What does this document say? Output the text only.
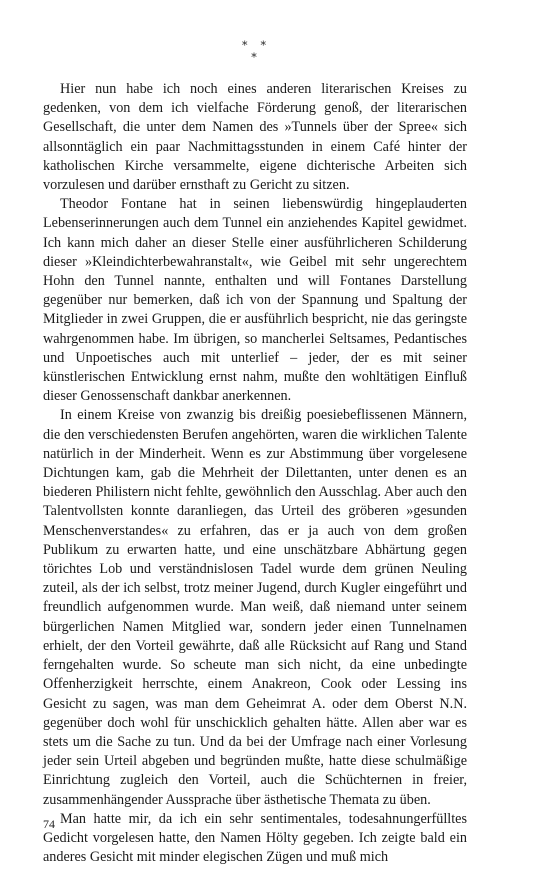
*  *
*

Hier nun habe ich noch eines anderen literarischen Kreises zu gedenken, von dem ich vielfache Förderung genoß, der literarischen Gesellschaft, die unter dem Namen des »Tunnels über der Spree« sich allsonntäglich ein paar Nachmittagsstunden in einem Café hinter der katholischen Kirche versammelte, eigene dichterische Arbeiten sich vorzulesen und darüber ernsthaft zu Gericht zu sitzen.

Theodor Fontane hat in seinen liebenswürdig hingeplauderten Lebenserinnerungen auch dem Tunnel ein anziehendes Kapitel gewidmet. Ich kann mich daher an dieser Stelle einer ausführlicheren Schilderung dieser »Kleindichterbewahranstalt«, wie Geibel mit sehr ungerechtem Hohn den Tunnel nannte, enthalten und will Fontanes Darstellung gegenüber nur bemerken, daß ich von der Spannung und Spaltung der Mitglieder in zwei Gruppen, die er ausführlich bespricht, nie das geringste wahrgenommen habe. Im übrigen, so mancherlei Seltsames, Pedantisches und Unpoetisches auch mit unterlief – jeder, der es mit seiner künstlerischen Entwicklung ernst nahm, mußte den wohltätigen Einfluß dieser Genossenschaft dankbar anerkennen.

In einem Kreise von zwanzig bis dreißig poesiebeflissenen Männern, die den verschiedensten Berufen angehörten, waren die wirklichen Talente natürlich in der Minderheit. Wenn es zur Abstimmung über vorgelesene Dichtungen kam, gab die Mehrheit der Dilettanten, unter denen es an biederen Philistern nicht fehlte, gewöhnlich den Ausschlag. Aber auch den Talentvollsten konnte daranliegen, das Urteil des gröberen »gesunden Menschenverstandes« zu erfahren, das er ja auch von dem großen Publikum zu erwarten hatte, und eine unschätzbare Abhärtung gegen törichtes Lob und verständnislosen Tadel wurde dem grünen Neuling zuteil, als der ich selbst, trotz meiner Jugend, durch Kugler eingeführt und freundlich aufgenommen wurde. Man weiß, daß niemand unter seinem bürgerlichen Namen Mitglied war, sondern jeder einen Tunnelnamen erhielt, der den Vorteil gewährte, daß alle Rücksicht auf Rang und Stand ferngehalten wurde. So scheute man sich nicht, da eine unbedingte Offenherzigkeit herrschte, einem Anakreon, Cook oder Lessing ins Gesicht zu sagen, was man dem Geheimrat A. oder dem Oberst N.N. gegenüber doch wohl für unschicklich gehalten hätte. Allen aber war es stets um die Sache zu tun. Und da bei der Umfrage nach einer Vorlesung jeder sein Urteil abgeben und begründen mußte, hatte diese schulmäßige Einrichtung zugleich den Vorteil, auch die Schüchternen in freier, zusammenhängender Aussprache über ästhetische Themata zu üben.

Man hatte mir, da ich ein sehr sentimentales, todesahnungerfülltes Gedicht vorgelesen hatte, den Namen Hölty gegeben. Ich zeigte bald ein anderes Gesicht mit minder elegischen Zügen und muß mich

74
